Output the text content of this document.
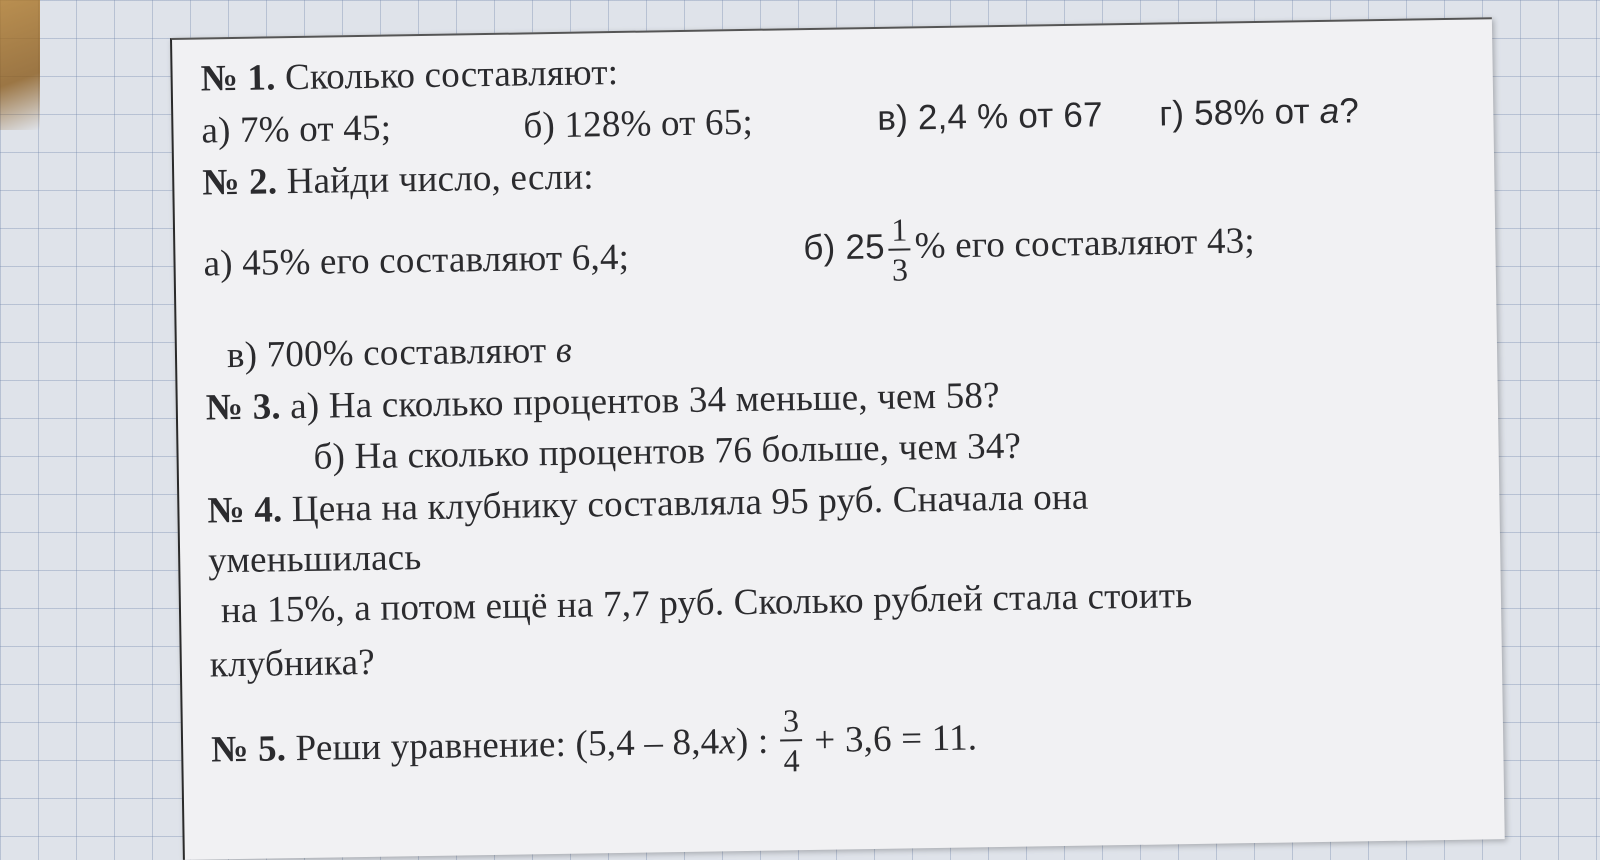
№ 1. Сколько составляют:
а) 7% от 45;	б) 128% от 65;	в) 2,4 % от 67 г) 58% от a?
№ 2. Найди число, если:
а) 45% его составляют 6,4;	б) $25 \frac{1}{3}$ % его составляют 43;
в) 700% составляют в
№ 3. а) На сколько процентов 34 меньше, чем 58?
б) На сколько процентов 76 больше, чем 34?
№ 4. Цена на клубнику составляла 95 руб. Сначала она
уменьшилась
на 15%, а потом ещё на 7,7 руб. Сколько рублей стала стоить
клубника?
№ 5.
Реши уравнение: (5,4 – 8,4 x ) : $\frac{3}{4} + 3,6 = 11$.
